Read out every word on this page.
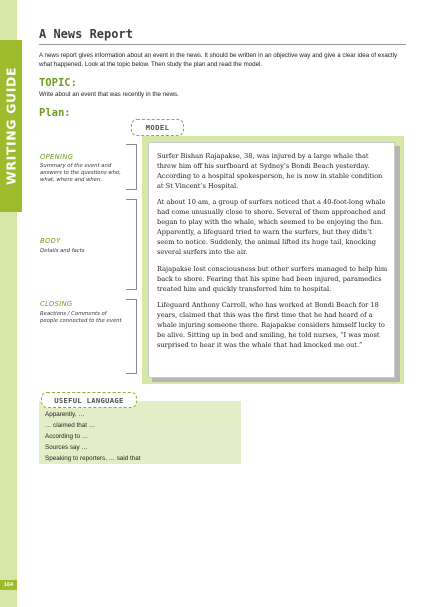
WRITING GUIDE
164
A News Report

A news report gives information about an event in the news. It should be written in an objective way and give a clear idea of exactly what happened. Look at the topic below. Then study the plan and read the model.

TOPIC:

Write about an event that was recently in the news.

Plan:

OPENING

Summary of the event and answers to the questions who, what, where and when.

BODY

Details and facts

CLOSING

Reactions / Comments of people connected to the event

MODEL

Surfer Bishan Rajapakse, 38, was injured by a large whale that threw him off his surfboard at Sydney’s Bondi Beach yesterday. According to a hospital spokesperson, he is now in stable condition at St Vincent’s Hospital.

At about 10 am, a group of surfers noticed that a 40-foot-long whale had come unusually close to shore. Several of them approached and began to play with the whale, which seemed to be enjoying the fun. Apparently, a lifeguard tried to warn the surfers, but they didn’t seem to notice. Suddenly, the animal lifted its huge tail, knocking several surfers into the air.

Rajapakse lost consciousness but other surfers managed to help him back to shore. Fearing that his spine had been injured, paramedics treated him and quickly transferred him to hospital.

Lifeguard Anthony Carroll, who has worked at Bondi Beach for 18 years, claimed that this was the first time that he had heard of a whale injuring someone there. Rajapakse considers himself lucky to be alive. Sitting up in bed and smiling, he told nurses, “I was most surprised to hear it was the whale that had knocked me out.”

USEFUL LANGUAGE

Apparently, …

… claimed that …

According to …

Sources say …

Speaking to reporters, … said that
